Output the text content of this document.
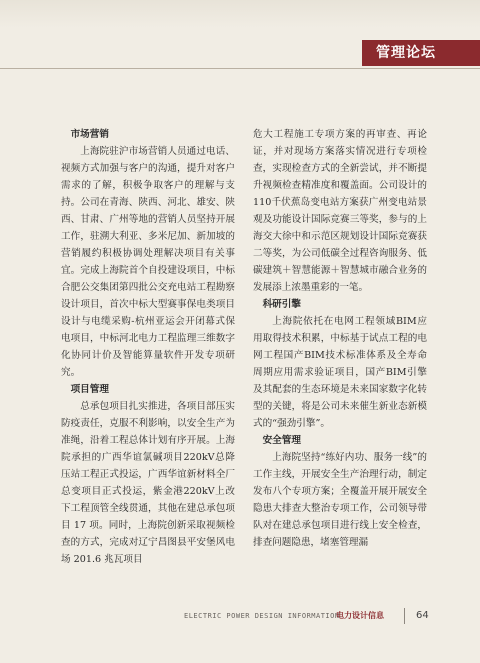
管理论坛
市场营销

上海院驻沪市场营销人员通过电话、视频方式加强与客户的沟通，提升对客户需求的了解，积极争取客户的理解与支持。公司在青海、陕西、河北、雄安、陕西、甘肃、广州等地的营销人员坚持开展工作，驻溯大利亚、多米尼加、新加坡的营销履约积极协调处理解决项目有关事宜。完成上海院首个自投建设项目，中标合肥公交集团第四批公交充电站工程勘察设计项目，首次中标大型赛事保电类项目设计与电缆采购-杭州亚运会开闭幕式保电项目，中标河北电力工程监理三维数字化协同计价及智能算量软件开发专项研究。

项目管理

总承包项目扎实推进，各项目部压实防疫责任，克服不利影响，以安全生产为准绳，沿着工程总体计划有序开展。上海院承担的广西华谊氯碱项目220kV总降压站工程正式投运，广西华谊新材料全厂总变项目正式投运，紫金港220kV上改下工程顶管全线贯通，其他在建总承包项目 17 项。同时，上海院创新采取视频检查的方式，完成对辽宁昌图县平安堡风电场 201.6 兆瓦项目

危大工程施工专项方案的再审查、再论证，并对现场方案落实情况进行专项检查，实现检查方式的全新尝试，并不断提升视频检查精准度和覆盖面。公司设计的110千伏蕉岛变电站方案获广州变电站景观及功能设计国际竞赛三等奖，参与的上海交大徐中和示范区规划设计国际竞赛获二等奖，为公司低碳全过程咨询服务、低碳建筑＋智慧能源＋智慧城市融合业务的发展添上浓墨重彩的一笔。

科研引擎

上海院依托在电网工程领域BIM应用取得技术积累，中标基于试点工程的电网工程国产BIM技术标准体系及全寿命周期应用需求验证项目，国产BIM引擎及其配套的生态环境是未来国家数字化转型的关键，将是公司未来催生新业态新模式的“强劲引擎”。

安全管理

上海院坚持“练好内功、服务一线”的工作主线，开展安全生产治理行动，制定发布八个专项方案；全覆盖开展开展安全隐患大排查大整治专项工作，公司领导带队对在建总承包项目进行线上安全检查，排查问题隐患，堵塞管理漏

ELECTRIC POWER DESIGN INFORMATION
电力设计信息	64
